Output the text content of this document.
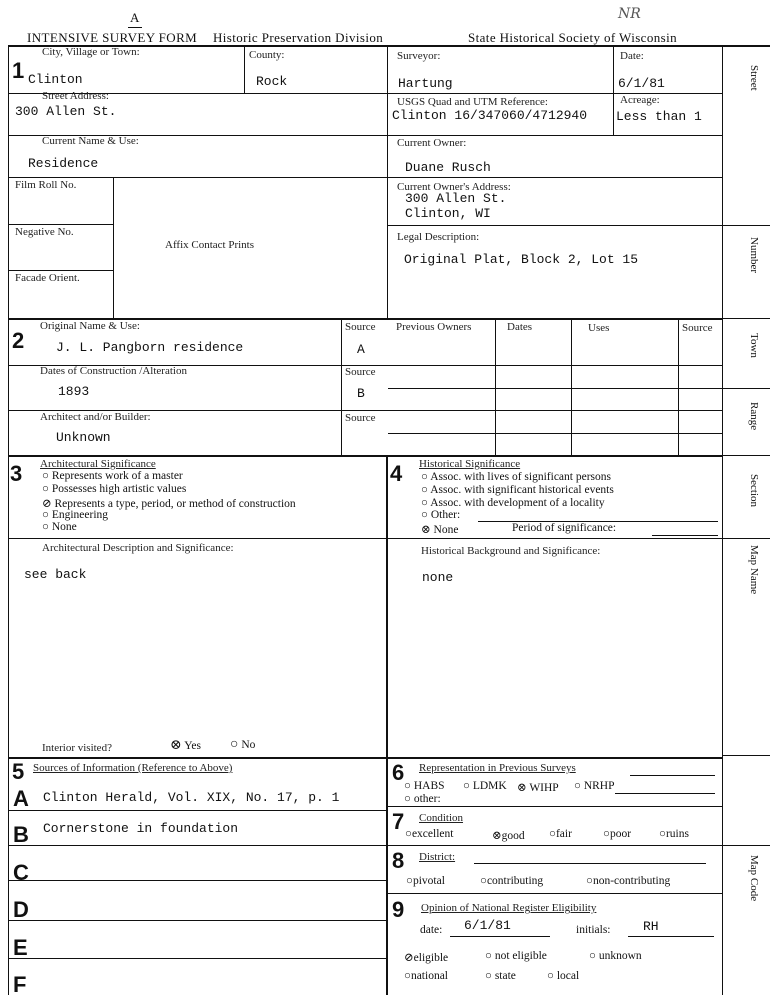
A	NR
INTENSIVE SURVEY FORM Historic Preservation Division	State Historical Society of Wisconsin
Street
Number
Town
Range
Section
Map Name
Map Code
1
City, Village or Town:
Clinton
County:
Rock
Surveyor:
Hartung
Date:
6/1/81
Street Address:
300 Allen St.
USGS Quad and UTM Reference:
Clinton 16/347060/4712940
Acreage:
Less than 1
Current Name & Use:
Residence
Current Owner:
Duane Rusch
Film Roll No.	Current Owner's Address:
300 Allen St.
Clinton, WI
Negative No.
Affix Contact Prints
Legal Description:
Original Plat, Block 2, Lot 15
Facade Orient.
2
Original Name & Use:
J. L. Pangborn residence
Source
A
Previous Owners	Dates	Uses	Source
Dates of Construction /Alteration
1893
Source
B
Architect and/or Builder:
Unknown
Source
3 Architectural Significance
○ Represents work of a master
○ Possesses high artistic values
⊘ Represents a type, period, or method of construction
○ Engineering
○ None
Architectural Description and Significance:
see back
Interior visited?	⊗ Yes ○ No
4 Historical Significance
○ Assoc. with lives of significant persons
○ Assoc. with significant historical events
○ Assoc. with development of a locality
○ Other:
⊗ None	Period of significance:
Historical Background and Significance:
none
5 Sources of Information (Reference to Above)
A Clinton Herald, Vol. XIX, No. 17, p. 1
B Cornerstone in foundation
C
D
E
F
6 Representation in Previous Surveys
○ HABS ○ LDMK ⊗ WIHP ○ NRHP
○ other:
7 Condition
○excellent	⊗good ○fair	○poor ○ruins
8 District:
○pivotal	○contributing	○non-contributing
9 Opinion of National Register Eligibility
date: 6/1/81	initials:	RH
⊘eligible	○ not eligible	○ unknown
○national	○ state	○ local
